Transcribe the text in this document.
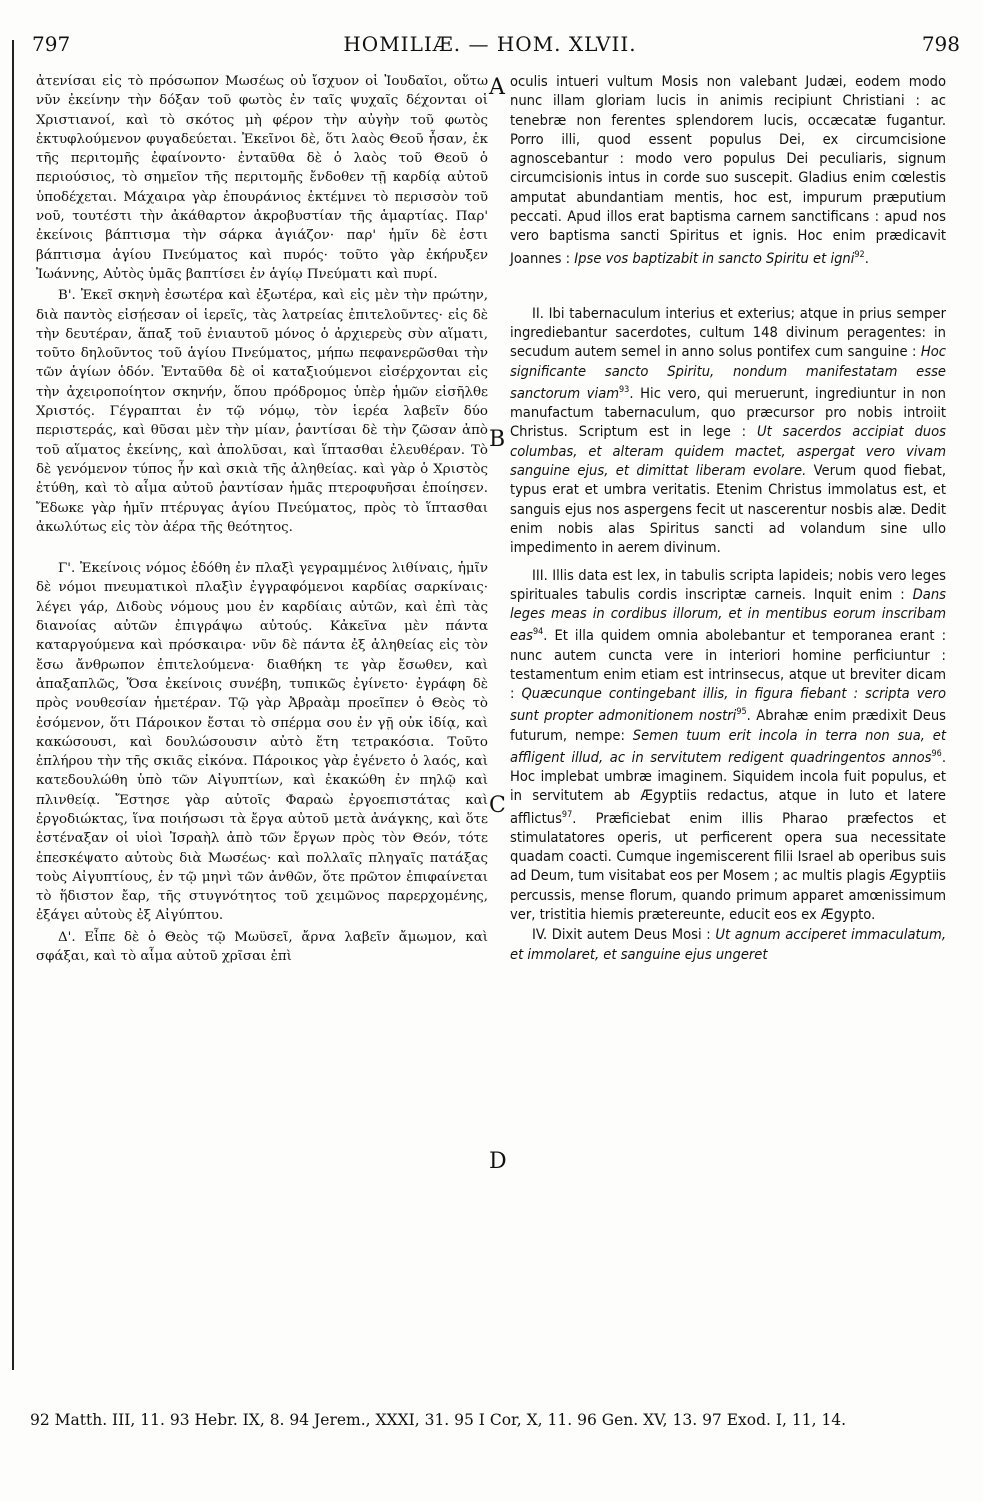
797	HOMILIÆ. — HOM. XLVII.	798

ἀτενίσαι εἰς τὸ πρόσωπον Μωσέως οὐ ἴσχυον οἱ Ἰουδαῖοι, οὕτω νῦν ἐκείνην τὴν δόξαν τοῦ φωτὸς ἐν ταῖς ψυχαῖς δέχονται οἱ Χριστιανοί, καὶ τὸ σκότος μὴ φέρον τὴν αὐγὴν τοῦ φωτὸς ἐκτυφλούμενον φυγαδεύεται. Ἐκεῖνοι δὲ, ὅτι λαὸς Θεοῦ ἦσαν, ἐκ τῆς περιτομῆς ἐφαίνοντο· ἐνταῦθα δὲ ὁ λαὸς τοῦ Θεοῦ ὁ περιούσιος, τὸ σημεῖον τῆς περιτομῆς ἔνδοθεν τῇ καρδίᾳ αὐτοῦ ὑποδέχεται. Μάχαιρα γὰρ ἐπουράνιος ἐκτέμνει τὸ περισσὸν τοῦ νοῦ, τουτέστι τὴν ἀκάθαρτον ἀκροβυστίαν τῆς ἁμαρτίας. Παρ' ἐκείνοις βάπτισμα τὴν σάρκα ἁγιάζον· παρ' ἡμῖν δὲ ἐστι βάπτισμα ἁγίου Πνεύματος καὶ πυρός· τοῦτο γὰρ ἐκήρυξεν Ἰωάννης, Αὐτὸς ὑμᾶς βαπτίσει ἐν ἁγίῳ Πνεύματι καὶ πυρί.

Β'. Ἐκεῖ σκηνὴ ἐσωτέρα καὶ ἐξωτέρα, καὶ εἰς μὲν τὴν πρώτην, διὰ παντὸς εἰσῄεσαν οἱ ἱερεῖς, τὰς λατρείας ἐπιτελοῦντες· εἰς δὲ τὴν δευτέραν, ἅπαξ τοῦ ἐνιαυτοῦ μόνος ὁ ἀρχιερεὺς σὺν αἵματι, τοῦτο δηλοῦντος τοῦ ἁγίου Πνεύματος, μήπω πεφανερῶσθαι τὴν τῶν ἁγίων ὁδόν. Ἐνταῦθα δὲ οἱ καταξιούμενοι εἰσέρχονται εἰς τὴν ἀχειροποίητον σκηνήν, ὅπου πρόδρομος ὑπὲρ ἡμῶν εἰσῆλθε Χριστός. Γέγραπται ἐν τῷ νόμῳ, τὸν ἱερέα λαβεῖν δύο περιστεράς, καὶ θῦσαι μὲν τὴν μίαν, ῥαντίσαι δὲ τὴν ζῶσαν ἀπὸ τοῦ αἵματος ἐκείνης, καὶ ἀπολῦσαι, καὶ ἵπτασθαι ἐλευθέραν. Τὸ δὲ γενόμενον τύπος ἦν καὶ σκιὰ τῆς ἀληθείας. καὶ γὰρ ὁ Χριστὸς ἐτύθη, καὶ τὸ αἷμα αὐτοῦ ῥαντίσαν ἡμᾶς πτεροφυῆσαι ἐποίησεν. Ἔδωκε γὰρ ἡμῖν πτέρυγας ἁγίου Πνεύματος, πρὸς τὸ ἵπτασθαι ἀκωλύτως εἰς τὸν ἀέρα τῆς θεότητος.

Γ'. Ἐκείνοις νόμος ἐδόθη ἐν πλαξὶ γεγραμμένος λιθίναις, ἡμῖν δὲ νόμοι πνευματικοὶ πλαξὶν ἐγγραφόμενοι καρδίας σαρκίναις· λέγει γάρ, Διδοὺς νόμους μου ἐν καρδίαις αὐτῶν, καὶ ἐπὶ τὰς διανοίας αὐτῶν ἐπιγράψω αὐτούς. Κἀκεῖνα μὲν πάντα καταργούμενα καὶ πρόσκαιρα· νῦν δὲ πάντα ἐξ ἀληθείας εἰς τὸν ἔσω ἄνθρωπον ἐπιτελούμενα· διαθήκη τε γὰρ ἔσωθεν, καὶ ἁπαξαπλῶς, Ὅσα ἐκείνοις συνέβη, τυπικῶς ἐγίνετο· ἐγράφη δὲ πρὸς νουθεσίαν ἡμετέραν. Τῷ γὰρ Ἀβραὰμ προεῖπεν ὁ Θεὸς τὸ ἐσόμενον, ὅτι Πάροικον ἔσται τὸ σπέρμα σου ἐν γῇ οὐκ ἰδίᾳ, καὶ κακώσουσι, καὶ δουλώσουσιν αὐτὸ ἔτη τετρακόσια. Τοῦτο ἐπλήρου τὴν τῆς σκιᾶς εἰκόνα. Πάροικος γὰρ ἐγένετο ὁ λαός, καὶ κατεδουλώθη ὑπὸ τῶν Αἰγυπτίων, καὶ ἐκακώθη ἐν πηλῷ καὶ πλινθείᾳ. Ἔστησε γὰρ αὐτοῖς Φαραὼ ἐργοεπιστάτας καὶ ἐργοδιώκτας, ἵνα ποιήσωσι τὰ ἔργα αὐτοῦ μετὰ ἀνάγκης, καὶ ὅτε ἐστέναξαν οἱ υἱοὶ Ἰσραὴλ ἀπὸ τῶν ἔργων πρὸς τὸν Θεόν, τότε ἐπεσκέψατο αὐτοὺς διὰ Μωσέως· καὶ πολλαῖς πληγαῖς πατάξας τοὺς Αἰγυπτίους, ἐν τῷ μηνὶ τῶν ἀνθῶν, ὅτε πρῶτον ἐπιφαίνεται τὸ ἥδιστον ἔαρ, τῆς στυγνότητος τοῦ χειμῶνος παρερχομένης, ἐξάγει αὐτοὺς ἐξ Αἰγύπτου.

Δ'. Εἶπε δὲ ὁ Θεὸς τῷ Μωϋσεῖ, ἄρνα λαβεῖν ἄμωμον, καὶ σφάξαι, καὶ τὸ αἷμα αὐτοῦ χρῖσαι ἐπὶ

A
B
C
D

oculis intueri vultum Mosis non valebant Judæi, eodem modo nunc illam gloriam lucis in animis recipiunt Christiani : ac tenebræ non ferentes splendorem lucis, occæcatæ fugantur. Porro illi, quod essent populus Dei, ex circumcisione agnoscebantur : modo vero populus Dei peculiaris, signum circumcisionis intus in corde suo suscepit. Gladius enim cœlestis amputat abundantiam mentis, hoc est, impurum præputium peccati. Apud illos erat baptisma carnem sanctificans : apud nos vero baptisma sancti Spiritus et ignis. Hoc enim prædicavit Joannes : Ipse vos baptizabit in sancto Spiritu et igni$^{92}$.

II. Ibi tabernaculum interius et exterius; atque in prius semper ingrediebantur sacerdotes, cultum 148 divinum peragentes: in secudum autem semel in anno solus pontifex cum sanguine : Hoc significante sancto Spiritu, nondum manifestatam esse sanctorum viam$^{93}$. Hic vero, qui meruerunt, ingrediuntur in non manufactum tabernaculum, quo præcursor pro nobis introiit Christus. Scriptum est in lege : Ut sacerdos accipiat duos columbas, et alteram quidem mactet, aspergat vero vivam sanguine ejus, et dimittat liberam evolare. Verum quod fiebat, typus erat et umbra veritatis. Etenim Christus immolatus est, et sanguis ejus nos aspergens fecit ut nascerentur nosbis alæ. Dedit enim nobis alas Spiritus sancti ad volandum sine ullo impedimento in aerem divinum.

III. Illis data est lex, in tabulis scripta lapideis; nobis vero leges spirituales tabulis cordis inscriptæ carneis. Inquit enim : Dans leges meas in cordibus illorum, et in mentibus eorum inscribam eas$^{94}$. Et illa quidem omnia abolebantur et temporanea erant : nunc autem cuncta vere in interiori homine perficiuntur : testamentum enim etiam est intrinsecus, atque ut breviter dicam : Quæcunque contingebant illis, in figura fiebant : scripta vero sunt propter admonitionem nostri$^{95}$. Abrahæ enim prædixit Deus futurum, nempe: Semen tuum erit incola in terra non sua, et affligent illud, ac in servitutem redigent quadringentos annos$^{96}$. Hoc implebat umbræ imaginem. Siquidem incola fuit populus, et in servitutem ab Ægyptiis redactus, atque in luto et latere afflictus$^{97}$. Præficiebat enim illis Pharao præfectos et stimulatatores operis, ut perficerent opera sua necessitate quadam coacti. Cumque ingemiscerent filii Israel ab operibus suis ad Deum, tum visitabat eos per Mosem ; ac multis plagis Ægyptiis percussis, mense florum, quando primum apparet amœnissimum ver, tristitia hiemis prætereunte, educit eos ex Ægypto.

IV. Dixit autem Deus Mosi : Ut agnum acciperet immaculatum, et immolaret, et sanguine ejus ungeret

92 Matth. III, 11. 93 Hebr. IX, 8. 94 Jerem., XXXI, 31. 95 I Cor, X, 11. 96 Gen. XV, 13. 97 Exod. I, 11, 14.
